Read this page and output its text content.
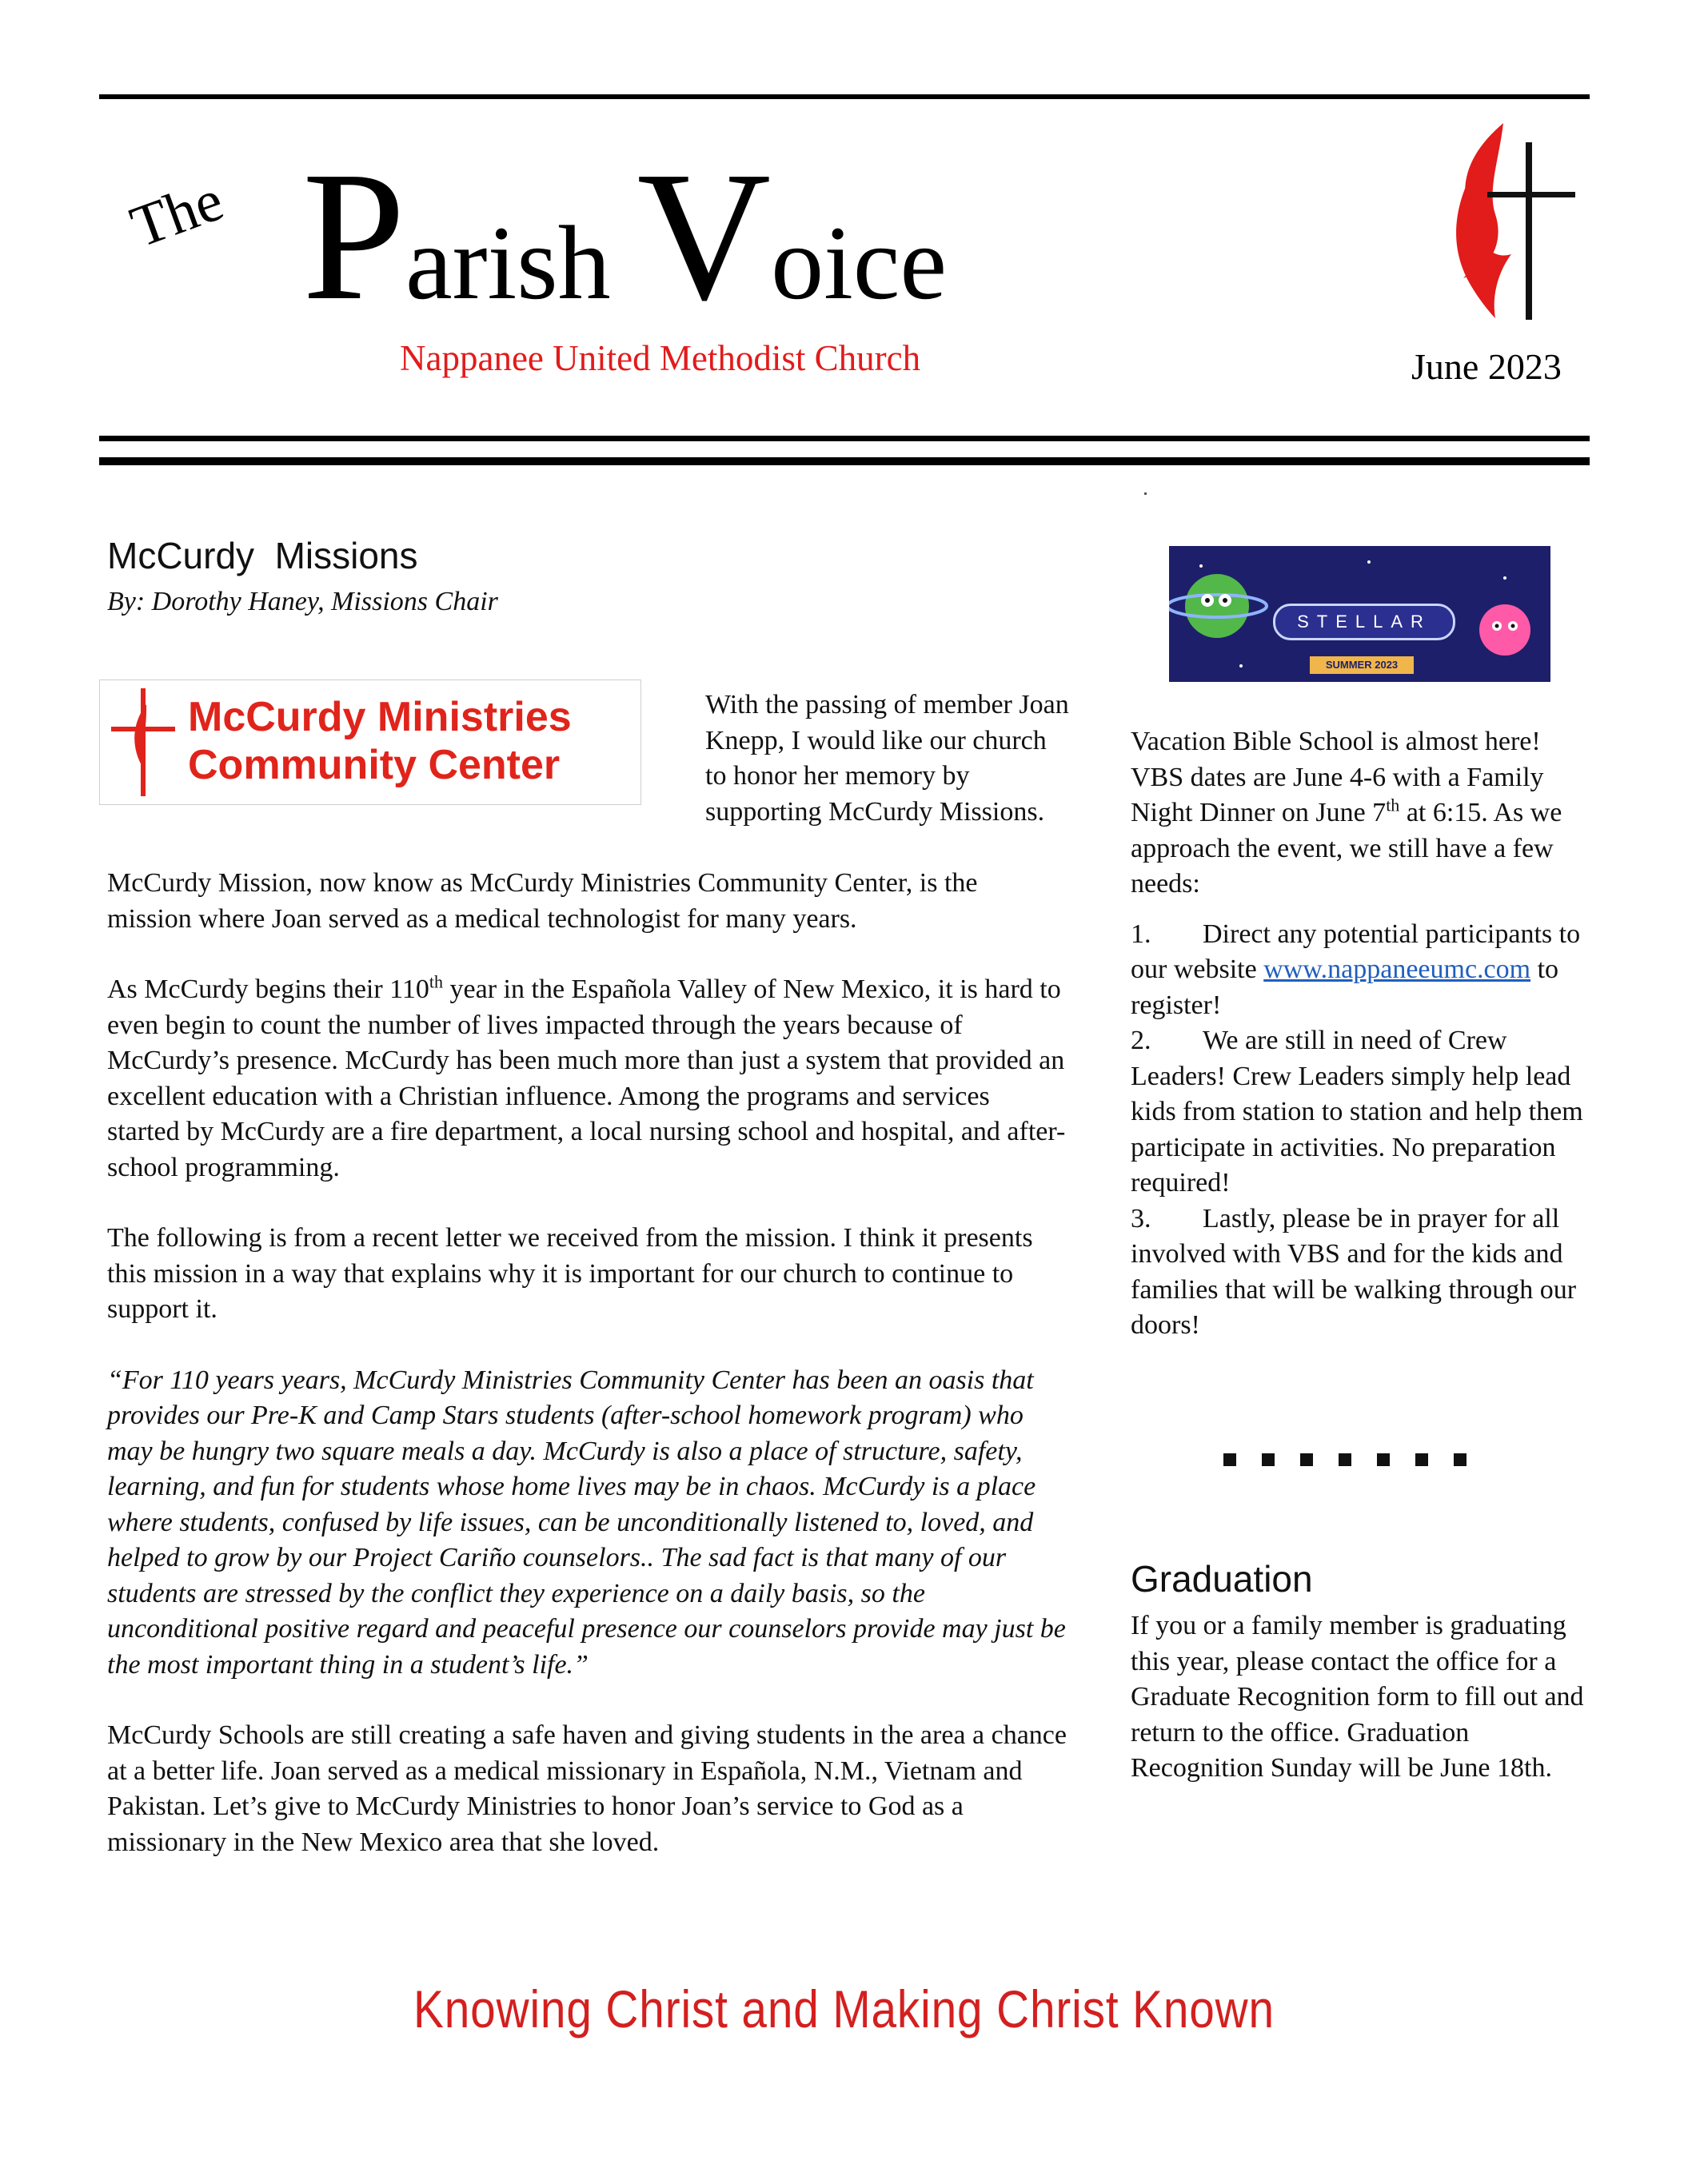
The Parish Voice
Nappanee United Methodist Church	June 2023
McCurdy  Missions
By: Dorothy Haney, Missions Chair
McCurdy Ministries
Community Center
With the passing of member Joan Knepp, I would like our church to honor her memory by supporting McCurdy Missions.

McCurdy Mission, now know as McCurdy Ministries Community Center, is the mission where Joan served as a medical technologist for many years.

As McCurdy begins their 110th year in the Española Valley of New Mexico, it is hard to even begin to count the number of lives impacted through the years because of McCurdy’s presence. McCurdy has been much more than just a system that provided an excellent education with a Christian influence. Among the programs and services started by McCurdy are a fire department, a local nursing school and hospital, and after-school programming.

The following is from a recent letter we received from the mission. I think it presents this mission in a way that explains why it is important for our church to continue to support it.

“For 110 years years, McCurdy Ministries Community Center has been an oasis that provides our Pre-K and Camp Stars students (after-school homework program) who may be hungry two square meals a day. McCurdy is also a place of structure, safety, learning, and fun for students whose home lives may be in chaos. McCurdy is a place where students, confused by life issues, can be unconditionally listened to, loved, and helped to grow by our Project Cariño counselors.. The sad fact is that many of our students are stressed by the conflict they experience on a daily basis, so the unconditional positive regard and peaceful presence our counselors provide may just be the most important thing in a student’s life.”

McCurdy Schools are still creating a safe haven and giving students in the area a chance at a better life. Joan served as a medical missionary in Española, N.M., Vietnam and Pakistan. Let’s give to McCurdy Ministries to honor Joan’s service to God as a missionary in the New Mexico area that she loved.

STELLAR
SUMMER 2023

Vacation Bible School is almost here! VBS dates are June 4-6 with a Family Night Dinner on June 7th at 6:15. As we approach the event, we still have a few needs:

1. Direct any potential participants to our website www.nappaneeumc.com to register!
2. We are still in need of Crew Leaders! Crew Leaders simply help lead kids from station to station and help them participate in activities. No preparation required!
3. Lastly, please be in prayer for all involved with VBS and for the kids and families that will be walking through our doors!
Graduation
If you or a family member is graduating this year, please contact the office for a Graduate Recognition form to fill out and return to the office. Graduation Recognition Sunday will be June 18th.
Knowing Christ and Making Christ Known
